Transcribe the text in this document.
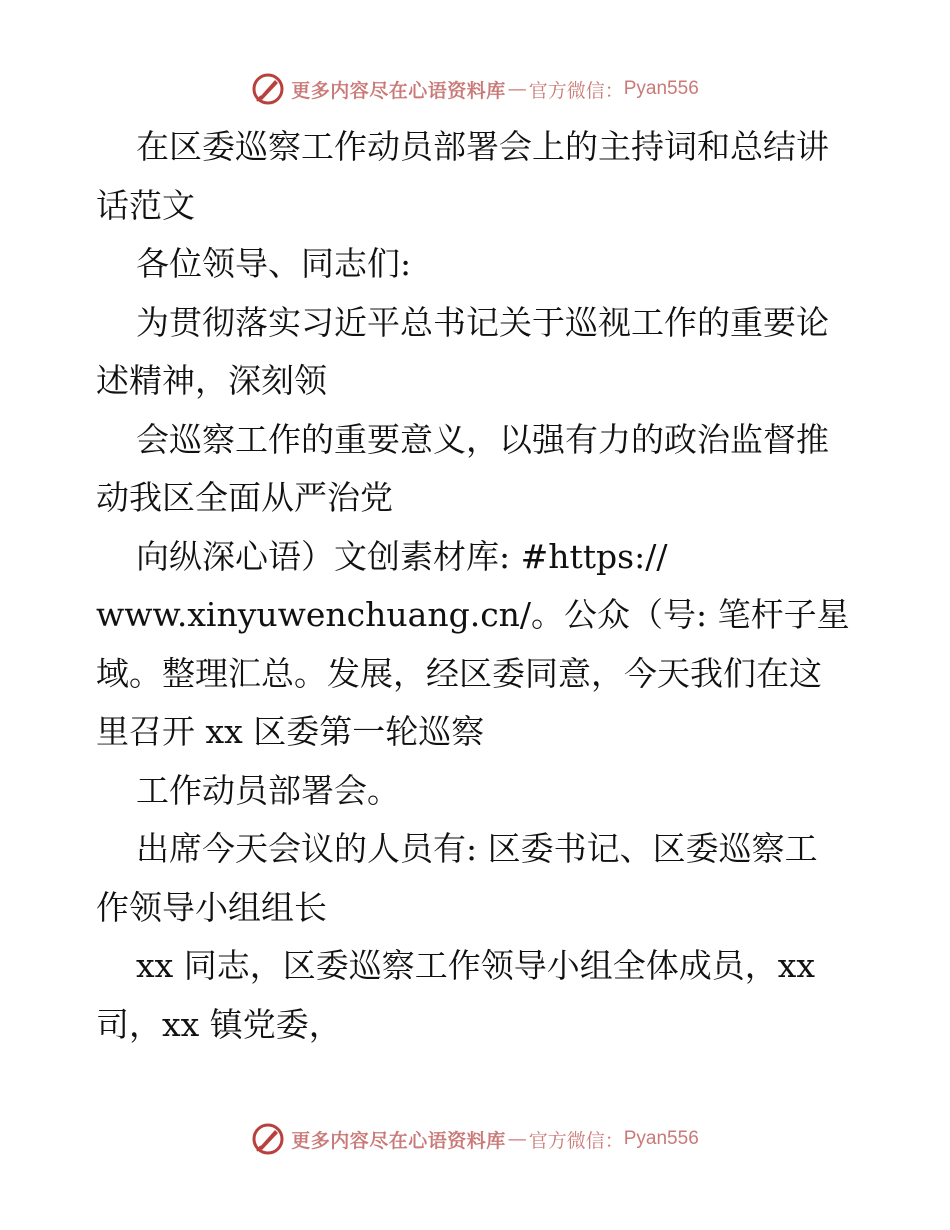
更多内容尽在心语资料库 — 官方微信： Pyan556
在区委巡察工作动员部署会上的主持词和总结讲
话范文
各位领导、同志们:
为贯彻落实习近平总书记关于巡视工作的重要论
述精神，深刻领
会巡察工作的重要意义，以强有力的政治监督推
动我区全面从严治党
向纵深心语）文创素材库: #https://
www.xinyuwenchuang.cn/。公众（号: 笔杆子星
域。整理汇总。发展，经区委同意，今天我们在这
里召开 xx 区委第一轮巡察
工作动员部署会。
出席今天会议的人员有: 区委书记、区委巡察工
作领导小组组长
xx 同志，区委巡察工作领导小组全体成员，xx
司，xx 镇党委，
更多内容尽在心语资料库 — 官方微信： Pyan556
